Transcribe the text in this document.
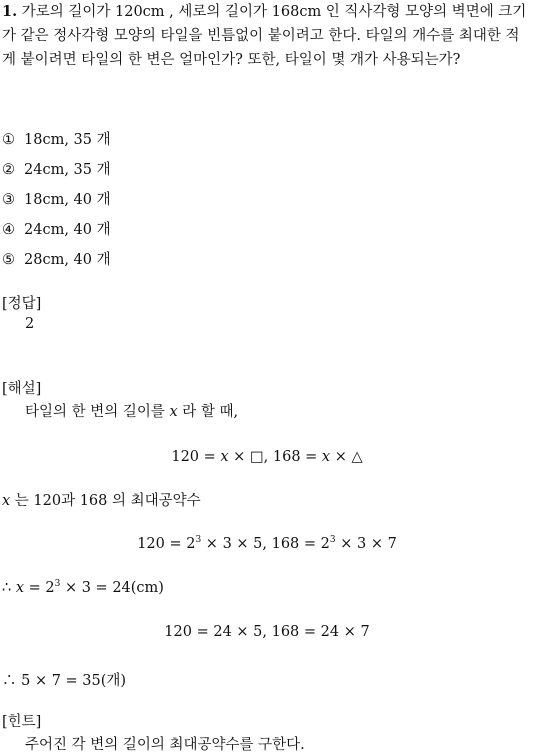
1. 가로의 길이가 120cm , 세로의 길이가 168cm 인 직사각형 모양의 벽면에 크기가 같은 정사각형 모양의 타일을 빈틈없이 붙이려고 한다. 타일의 개수를 최대한 적게 붙이려면 타일의 한 변은 얼마인가? 또한, 타일이 몇 개가 사용되는가?
① 18cm, 35 개
② 24cm, 35 개
③ 18cm, 40 개
④ 24cm, 40 개
⑤ 28cm, 40 개
[정답]
2
[해설]
타일의 한 변의 길이를 x 라 할 때,
120 = x × □, 168 = x × △
x 는 120과 168 의 최대공약수
$120 = 2^3 \times 3 \times 5$, $168 = 2^3 \times 3 \times 7$
∴ $x = 2^3 \times 3 = 24(cm)$
120 = 24 × 5, 168 = 24 × 7
∴ 5 × 7 = 35(개)
[힌트]
주어진 각 변의 길이의 최대공약수를 구한다.
